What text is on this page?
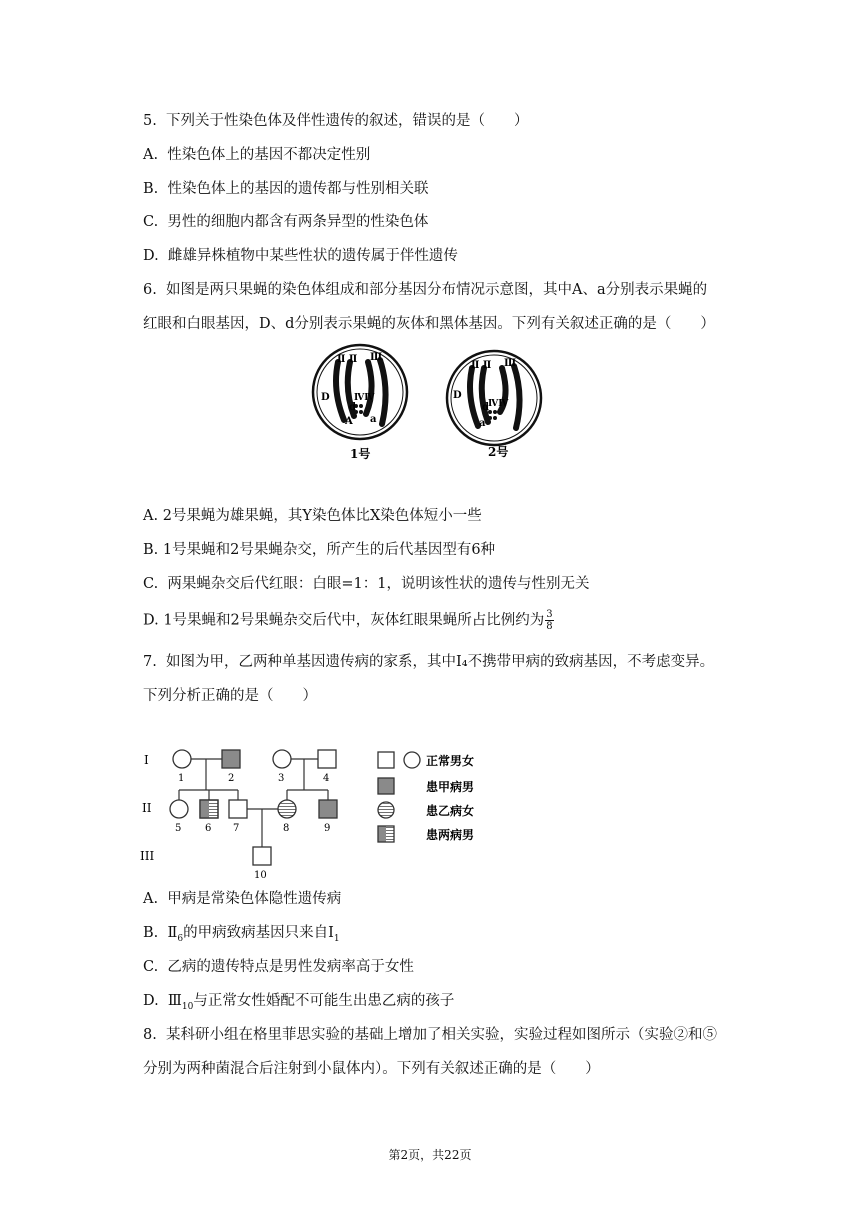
5.  下列关于性染色体及伴性遗传的叙述，错误的是（　　）
A.  性染色体上的基因不都决定性别
B.  性染色体上的基因的遗传都与性别相关联
C.  男性的细胞内都含有两条异型的性染色体
D.  雌雄异株植物中某些性状的遗传属于伴性遗传
6.  如图是两只果蝇的染色体组成和部分基因分布情况示意图，其中A、a分别表示果蝇的
红眼和白眼基因，D、d分别表示果蝇的灰体和黑体基因。下列有关叙述正确的是（　　）
Ⅱ Ⅱ Ⅲ
ⅣⅣ
D
d
A a
1号
Ⅱ Ⅱ Ⅲ
ⅣⅣ
D
d
a
2号
A. 2号果蝇为雄果蝇，其Y染色体比X染色体短小一些
B. 1号果蝇和2号果蝇杂交，所产生的后代基因型有6种
C.  两果蝇杂交后代红眼：白眼=1：1，说明该性状的遗传与性别无关
D. 1号果蝇和2号果蝇杂交后代中，灰体红眼果蝇所占比例约为 $\frac{3}{8}$
7.  如图为甲，乙两种单基因遗传病的家系，其中Ⅰ₄不携带甲病的致病基因，不考虑变异。
下列分析正确的是（　　）
I
II
III
1	2	3	4
5 6 7	8	9
10
正常男女
患甲病男
患乙病女
患两病男
A.  甲病是常染色体隐性遗传病
B.  $Ⅱ_6$的甲病致病基因只来自$Ⅰ_1$
C.  乙病的遗传特点是男性发病率高于女性
D.  $Ⅲ_{10}$与正常女性婚配不可能生出患乙病的孩子
8.  某科研小组在格里菲思实验的基础上增加了相关实验，实验过程如图所示（实验②和⑤
分别为两种菌混合后注射到小鼠体内）。下列有关叙述正确的是（　　）
第2页，共22页
